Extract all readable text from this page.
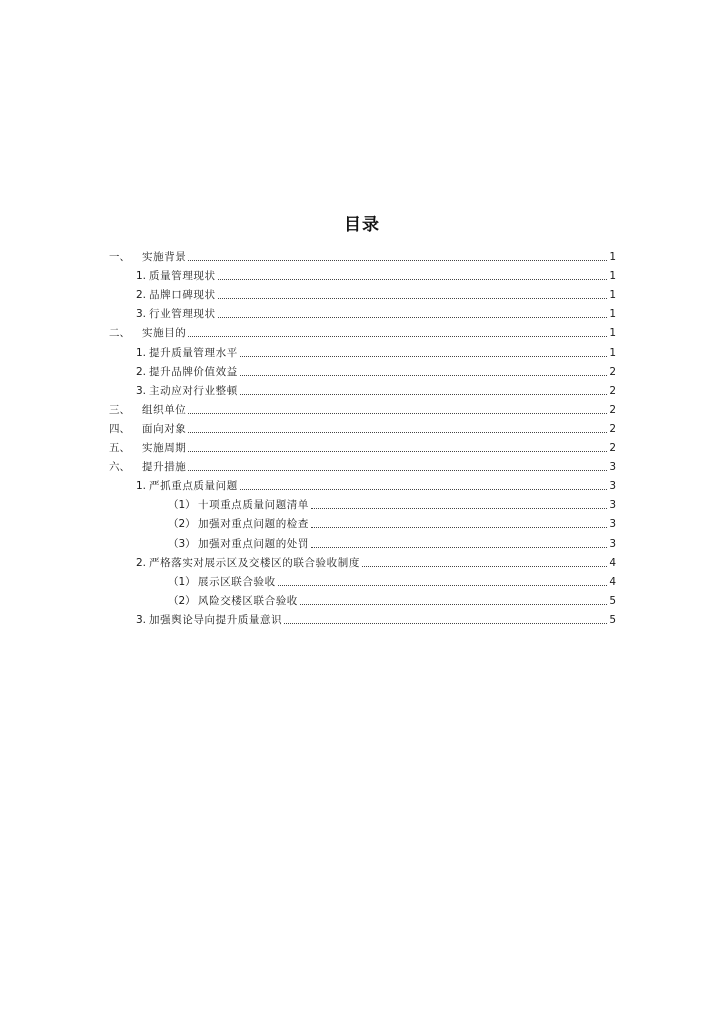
目录
一、	实施背景	1
1. 质量管理现状	1
2. 品牌口碑现状	1
3. 行业管理现状	1
二、	实施目的	1
1. 提升质量管理水平	1
2. 提升品牌价值效益	2
3. 主动应对行业整顿	2
三、	组织单位	2
四、	面向对象	2
五、	实施周期	2
六、	提升措施	3
1. 严抓重点质量问题	3
（1） 十项重点质量问题清单	3
（2） 加强对重点问题的检查	3
（3） 加强对重点问题的处罚	3
2. 严格落实对展示区及交楼区的联合验收制度	4
（1） 展示区联合验收	4
（2） 风险交楼区联合验收	5
3. 加强舆论导向提升质量意识	5
